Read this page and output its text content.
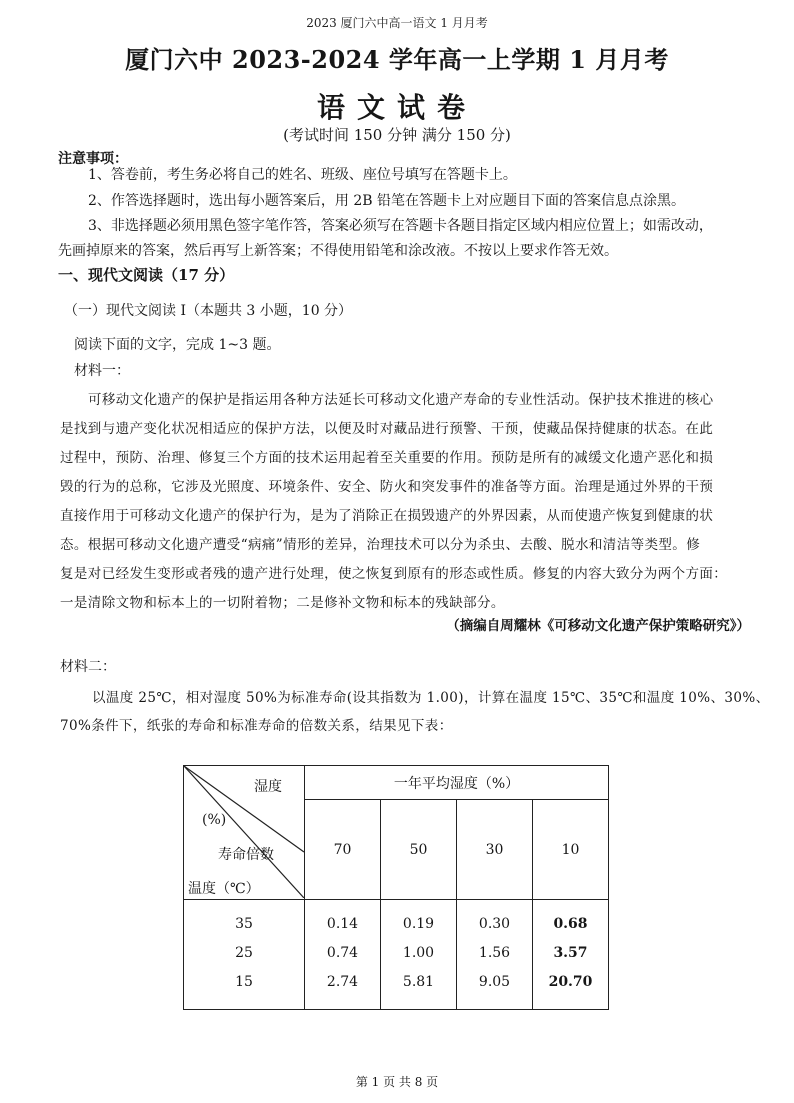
2023 厦门六中高一语文 1 月月考
厦门六中 2023-2024 学年高一上学期 1 月月考
语文试卷
(考试时间 150 分钟 满分 150 分)
注意事项：
1、答卷前，考生务必将自己的姓名、班级、座位号填写在答题卡上。
2、作答选择题时，选出每小题答案后，用 2B 铅笔在答题卡上对应题目下面的答案信息点涂黑。
3、非选择题必须用黑色签字笔作答，答案必须写在答题卡各题目指定区域内相应位置上；如需改动，
先画掉原来的答案，然后再写上新答案；不得使用铅笔和涂改液。不按以上要求作答无效。
一、现代文阅读（17 分）
（一）现代文阅读 I（本题共 3 小题，10 分）
阅读下面的文字，完成 1~3 题。
材料一：
可移动文化遗产的保护是指运用各种方法延长可移动文化遗产寿命的专业性活动。保护技术推进的核心
是找到与遗产变化状况相适应的保护方法，以便及时对藏品进行预警、干预，使藏品保持健康的状态。在此
过程中，预防、治理、修复三个方面的技术运用起着至关重要的作用。预防是所有的减缓文化遗产恶化和损
毁的行为的总称，它涉及光照度、环境条件、安全、防火和突发事件的准备等方面。治理是通过外界的干预
直接作用于可移动文化遗产的保护行为，是为了消除正在损毁遗产的外界因素，从而使遗产恢复到健康的状
态。根据可移动文化遗产遭受“病痛”情形的差异，治理技术可以分为杀虫、去酸、脱水和清洁等类型。修
复是对已经发生变形或者残的遗产进行处理，使之恢复到原有的形态或性质。修复的内容大致分为两个方面：
一是清除文物和标本上的一切附着物；二是修补文物和标本的残缺部分。
（摘编自周耀林《可移动文化遗产保护策略研究》）
材料二：
以温度 25℃，相对湿度 50%为标准寿命(设其指数为 1.00)，计算在温度 15℃、35℃和温度 10%、30%、
70%条件下，纸张的寿命和标准寿命的倍数关系，结果见下表：
湿度
(%)
寿命倍数
温度（℃）	一年平均湿度（%）			
	70	50	30	10
35	0.14	0.19	0.30	0.68
25	0.74	1.00	1.56	3.57
15	2.74	5.81	9.05	20.70
第 1 页 共 8 页
